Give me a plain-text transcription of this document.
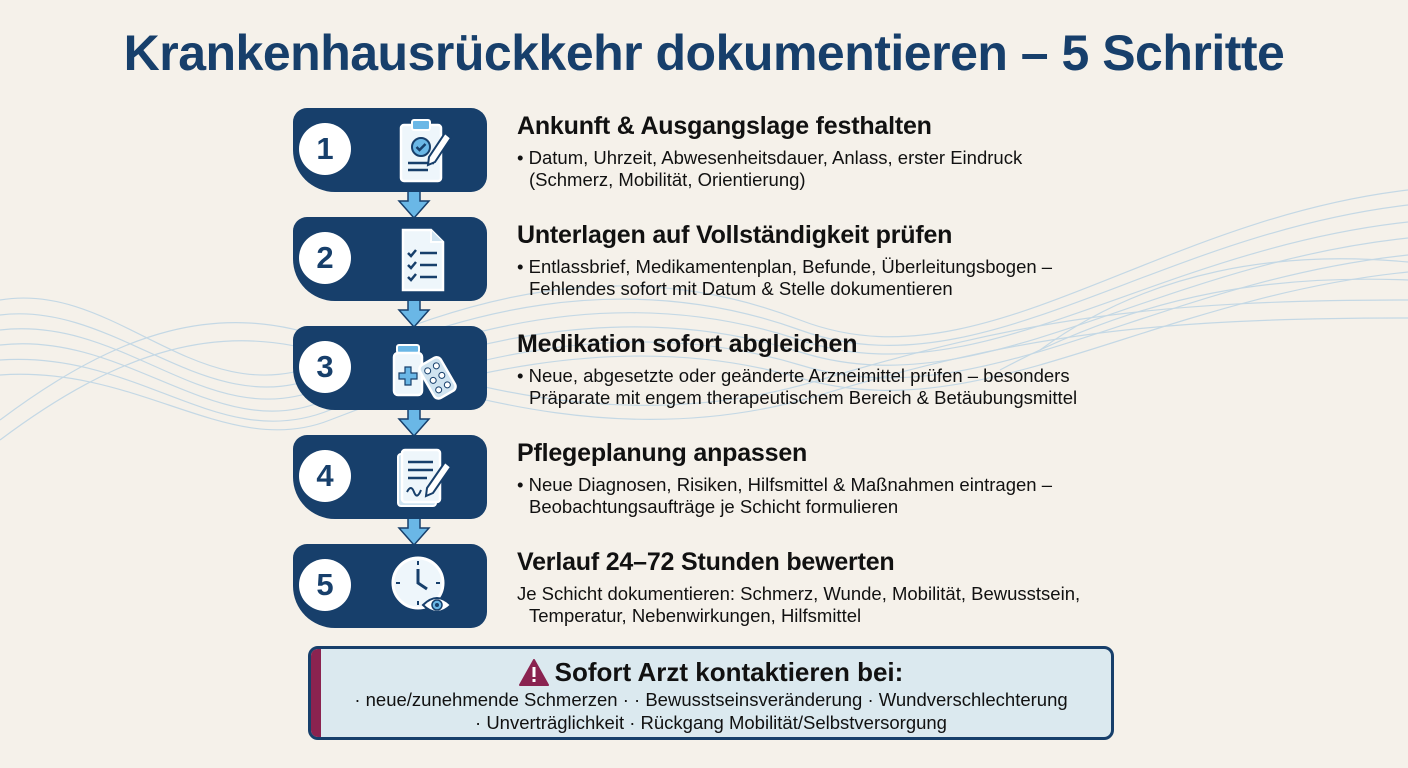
Krankenhausrückkehr dokumentieren – 5 Schritte
1
Ankunft & Ausgangslage festhalten
• Datum, Uhrzeit, Abwesenheitsdauer, Anlass, erster Eindruck
(Schmerz, Mobilität, Orientierung)
2
Unterlagen auf Vollständigkeit prüfen
• Entlassbrief, Medikamentenplan, Befunde, Überleitungsbogen –
Fehlendes sofort mit Datum & Stelle dokumentieren
3
Medikation sofort abgleichen
• Neue, abgesetzte oder geänderte Arzneimittel prüfen – besonders
Präparate mit engem therapeutischem Bereich & Betäubungsmittel
4
Pflegeplanung anpassen
• Neue Diagnosen, Risiken, Hilfsmittel & Maßnahmen eintragen –
Beobachtungsaufträge je Schicht formulieren
5
Verlauf 24–72 Stunden bewerten
Je Schicht dokumentieren: Schmerz, Wunde, Mobilität, Bewusstsein,
Temperatur, Nebenwirkungen, Hilfsmittel
Sofort Arzt kontaktieren bei:
· neue/zunehmende Schmerzen · · Bewusstseinsveränderung · Wundverschlechterung
· Unverträglichkeit · Rückgang Mobilität/Selbstversorgung
